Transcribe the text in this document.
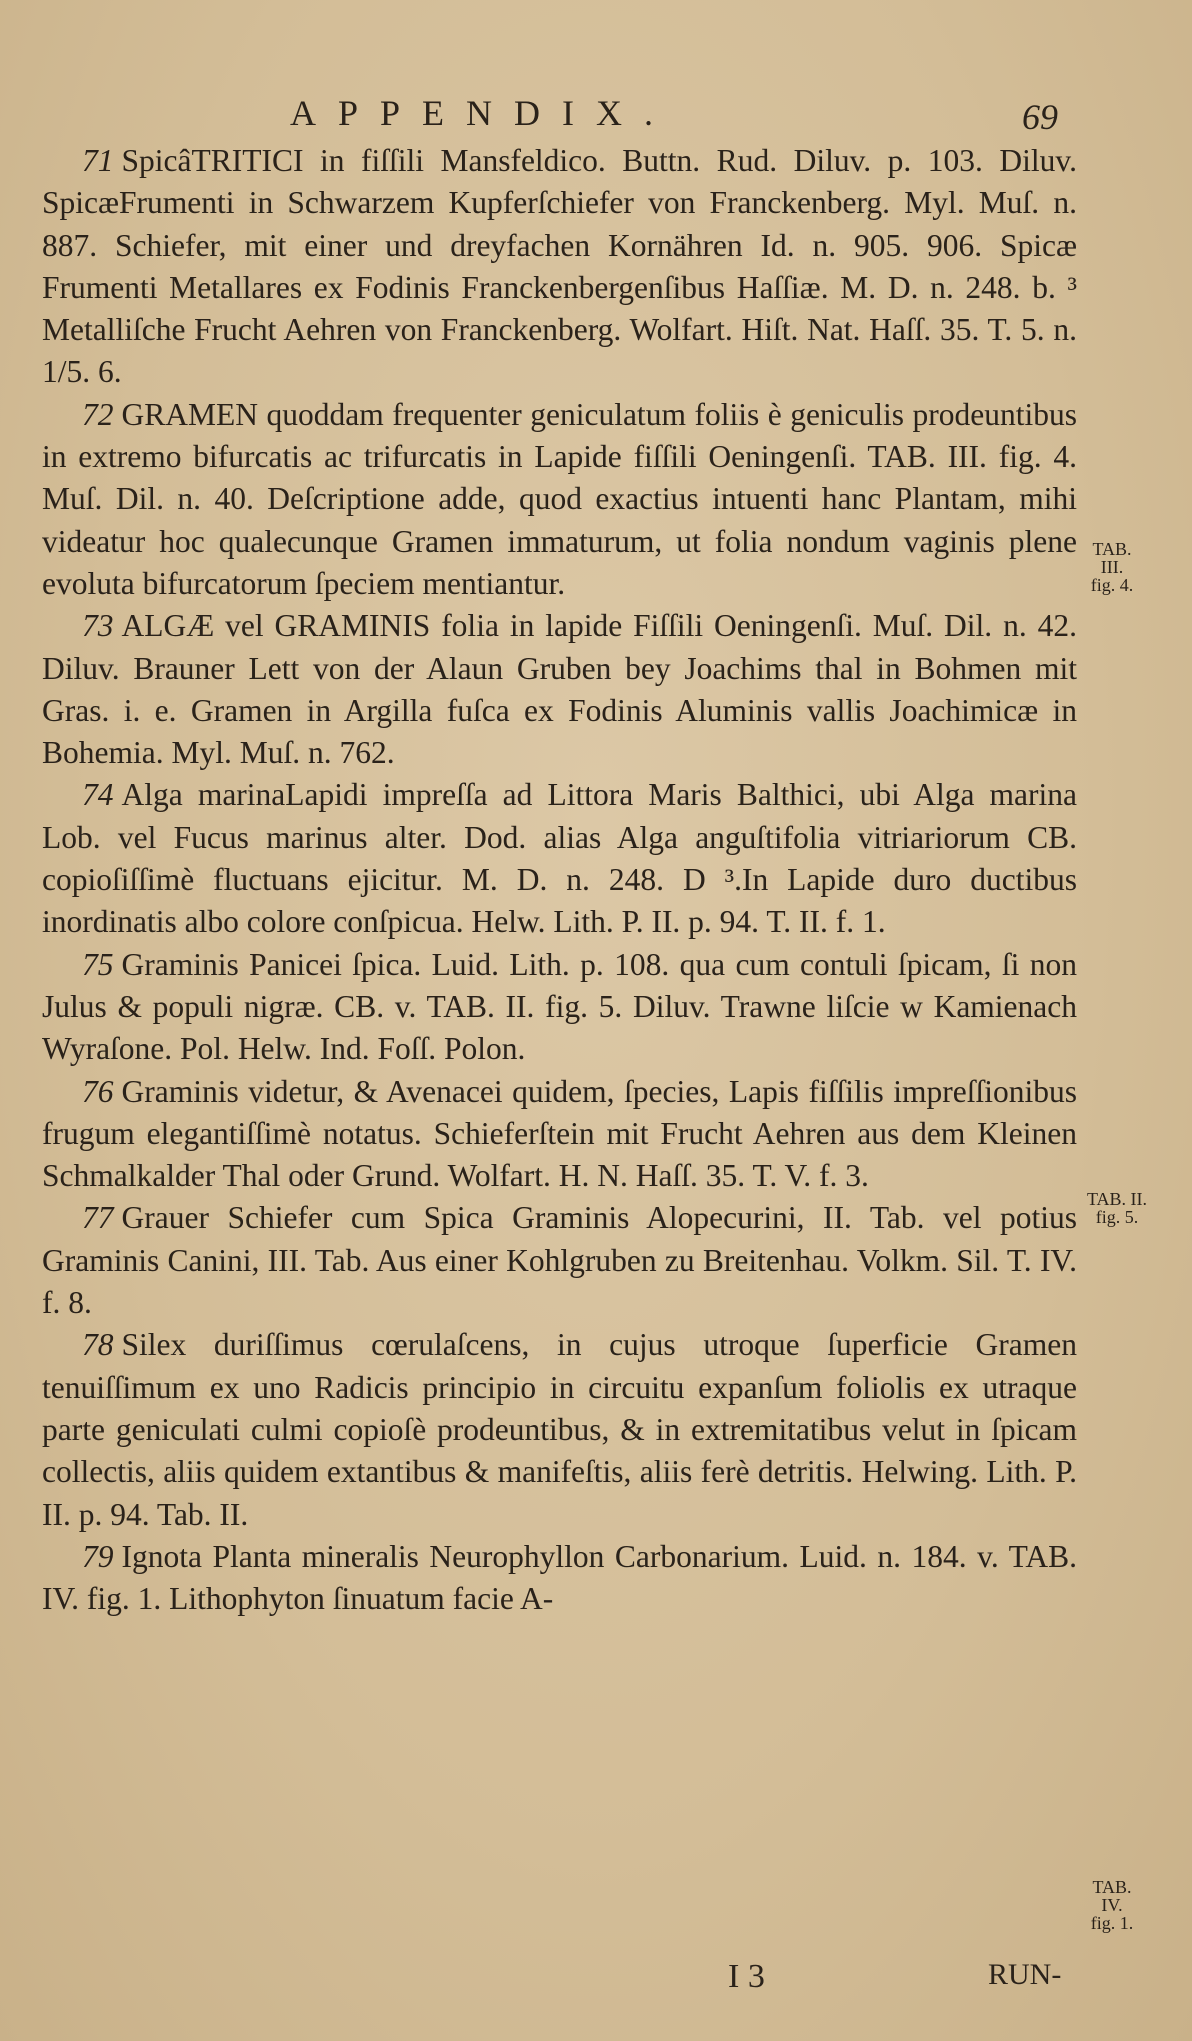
APPENDIX.	69

71 SpicâTRITICI in fiſſili Mansfeldico. Buttn. Rud. Diluv. p. 103. Diluv. SpicæFrumenti in Schwarzem Kupferſchiefer von Franckenberg. Myl. Muſ. n. 887. Schiefer, mit einer und dreyfachen Kornähren Id. n. 905. 906. Spicæ Frumenti Metallares ex Fodinis Franckenbergenſibus Haſſiæ. M. D. n. 248. b. ³ Metalliſche Frucht Aehren von Franckenberg. Wolfart. Hiſt. Nat. Haſſ. 35. T. 5. n. 1/5. 6.

72 GRAMEN quoddam frequenter geniculatum foliis è geniculis prodeuntibus in extremo bifurcatis ac trifurcatis in Lapide fiſſili Oeningenſi. TAB. III. fig. 4. Muſ. Dil. n. 40. Deſcriptione adde, quod exactius intuenti hanc Plantam, mihi videatur hoc qualecunque Gramen immaturum, ut folia nondum vaginis plene evoluta bifurcatorum ſpeciem mentiantur.

73 ALGÆ vel GRAMINIS folia in lapide Fiſſili Oeningenſi. Muſ. Dil. n. 42. Diluv. Brauner Lett von der Alaun Gruben bey Joachims thal in Bohmen mit Gras. i. e. Gramen in Argilla fuſca ex Fodinis Aluminis vallis Joachimicæ in Bohemia. Myl. Muſ. n. 762.

74 Alga marinaLapidi impreſſa ad Littora Maris Balthici, ubi Alga marina Lob. vel Fucus marinus alter. Dod. alias Alga anguſtifolia vitriariorum CB. copioſiſſimè fluctuans ejicitur. M. D. n. 248. D ³.In Lapide duro ductibus inordinatis albo colore conſpicua. Helw. Lith. P. II. p. 94. T. II. f. 1.

75 Graminis Panicei ſpica. Luid. Lith. p. 108. qua cum contuli ſpicam, ſi non Julus & populi nigræ. CB. v. TAB. II. fig. 5. Diluv. Trawne liſcie w Kamienach Wyraſone. Pol. Helw. Ind. Foſſ. Polon.

76 Graminis videtur, & Avenacei quidem, ſpecies, Lapis fiſſilis impreſſionibus frugum elegantiſſimè notatus. Schieferſtein mit Frucht Aehren aus dem Kleinen Schmalkalder Thal oder Grund. Wolfart. H. N. Haſſ. 35. T. V. f. 3.

77 Grauer Schiefer cum Spica Graminis Alopecurini, II. Tab. vel potius Graminis Canini, III. Tab. Aus einer Kohlgruben zu Breitenhau. Volkm. Sil. T. IV. f. 8.

78 Silex duriſſimus cœrulaſcens, in cujus utroque ſuperficie Gramen tenuiſſimum ex uno Radicis principio in circuitu expanſum foliolis ex utraque parte geniculati culmi copioſè prodeuntibus, & in extremitatibus velut in ſpicam collectis, aliis quidem extantibus & manifeſtis, aliis ferè detritis. Helwing. Lith. P. II. p. 94. Tab. II.

79 Ignota Planta mineralis Neurophyllon Carbonarium. Luid. n. 184. v. TAB. IV. fig. 1. Lithophyton ſinuatum facie A-

TAB.
III.
fig. 4.
TAB. II.
fig. 5.
TAB.
IV.
fig. 1.
I 3	RUN-
